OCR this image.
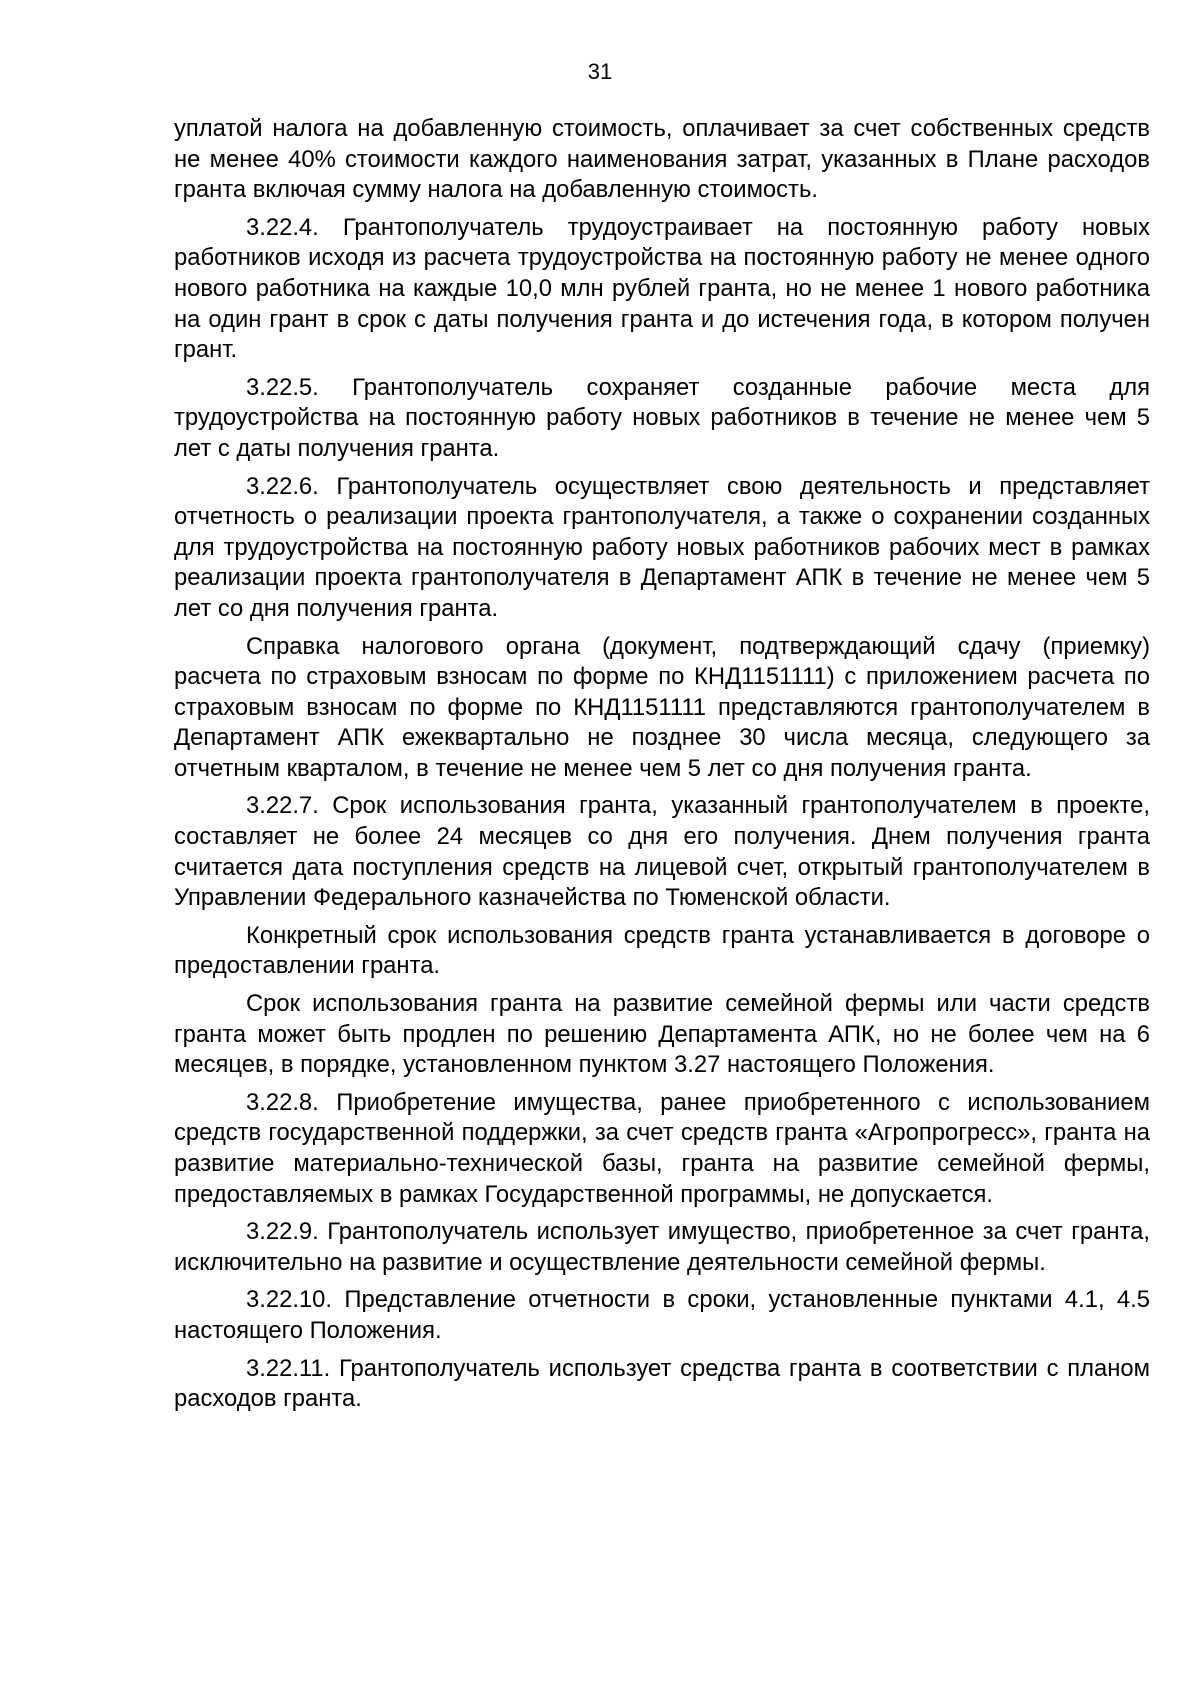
31

уплатой налога на добавленную стоимость, оплачивает за счет собственных средств не менее 40% стоимости каждого наименования затрат, указанных в Плане расходов гранта включая сумму налога на добавленную стоимость.

3.22.4. Грантополучатель трудоустраивает на постоянную работу новых работников исходя из расчета трудоустройства на постоянную работу не менее одного нового работника на каждые 10,0 млн рублей гранта, но не менее 1 нового работника на один грант в срок с даты получения гранта и до истечения года, в котором получен грант.

3.22.5. Грантополучатель сохраняет созданные рабочие места для трудоустройства на постоянную работу новых работников в течение не менее чем 5 лет с даты получения гранта.

3.22.6. Грантополучатель осуществляет свою деятельность и представляет отчетность о реализации проекта грантополучателя, а также о сохранении созданных для трудоустройства на постоянную работу новых работников рабочих мест в рамках реализации проекта грантополучателя в Департамент АПК в течение не менее чем 5 лет со дня получения гранта.

Справка налогового органа (документ, подтверждающий сдачу (приемку) расчета по страховым взносам по форме по КНД1151111) с приложением расчета по страховым взносам по форме по КНД1151111 представляются грантополучателем в Департамент АПК ежеквартально не позднее 30 числа месяца, следующего за отчетным кварталом, в течение не менее чем 5 лет со дня получения гранта.

3.22.7. Срок использования гранта, указанный грантополучателем в проекте, составляет не более 24 месяцев со дня его получения. Днем получения гранта считается дата поступления средств на лицевой счет, открытый грантополучателем в Управлении Федерального казначейства по Тюменской области.

Конкретный срок использования средств гранта устанавливается в договоре о предоставлении гранта.

Срок использования гранта на развитие семейной фермы или части средств гранта может быть продлен по решению Департамента АПК, но не более чем на 6 месяцев, в порядке, установленном пунктом 3.27 настоящего Положения.

3.22.8. Приобретение имущества, ранее приобретенного с использованием средств государственной поддержки, за счет средств гранта «Агропрогресс», гранта на развитие материально-технической базы, гранта на развитие семейной фермы, предоставляемых в рамках Государственной программы, не допускается.

3.22.9. Грантополучатель использует имущество, приобретенное за счет гранта, исключительно на развитие и осуществление деятельности семейной фермы.

3.22.10. Представление отчетности в сроки, установленные пунктами 4.1, 4.5 настоящего Положения.

3.22.11. Грантополучатель использует средства гранта в соответствии с планом расходов гранта.
